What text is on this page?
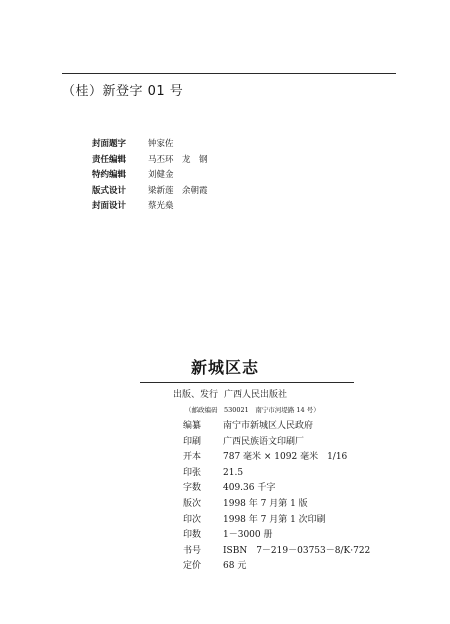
（桂）新登字 01 号
封面题字	钟家佐
责任编辑	马丕环　龙　钢
特约编辑	刘健金
版式设计	梁新莲　余朝霞
封面设计	蔡光燊
新城区志
出版、发行 广西人民出版社
（邮政编码　530021　南宁市河堤路 14 号）
编纂	南宁市新城区人民政府
印刷	广西民族语文印刷厂
开本	787 毫米 × 1092 毫米　1/16
印张	21.5
字数	409.36 千字
版次	1998 年 7 月第 1 版
印次	1998 年 7 月第 1 次印刷
印数	1－3000 册
书号	ISBN　7－219－03753－8/K·722
定价	68 元
